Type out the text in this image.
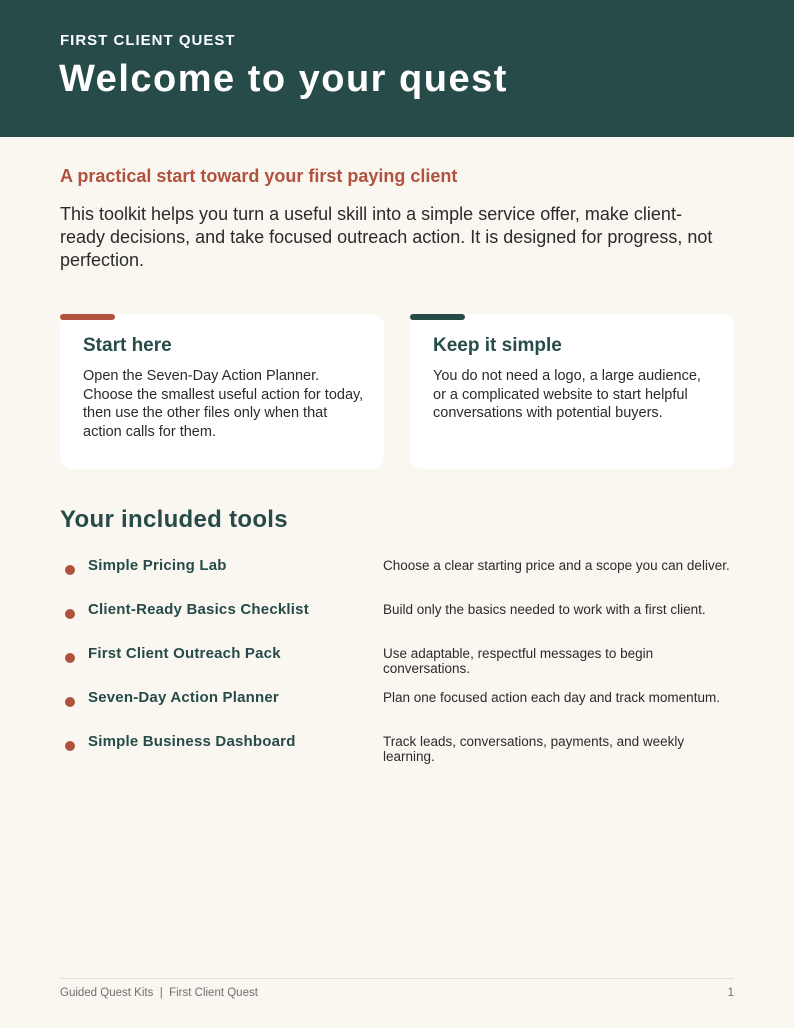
FIRST CLIENT QUEST
Welcome to your quest
A practical start toward your first paying client
This toolkit helps you turn a useful skill into a simple service offer, make client-ready decisions, and take focused outreach action. It is designed for progress, not perfection.
Start here

Open the Seven-Day Action Planner. Choose the smallest useful action for today, then use the other files only when that action calls for them.

Keep it simple

You do not need a logo, a large audience, or a complicated website to start helpful conversations with potential buyers.

Your included tools
Simple Pricing Lab	Choose a clear starting price and a scope you can deliver.
Client-Ready Basics Checklist	Build only the basics needed to work with a first client.
First Client Outreach Pack	Use adaptable, respectful messages to begin conversations.
Seven-Day Action Planner	Plan one focused action each day and track momentum.
Simple Business Dashboard	Track leads, conversations, payments, and weekly learning.
Guided Quest Kits  |  First Client Quest	1
